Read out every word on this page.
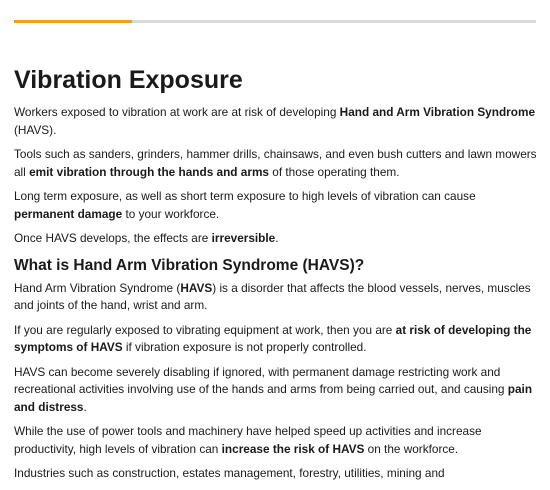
Vibration Exposure

Workers exposed to vibration at work are at risk of developing Hand and Arm Vibration Syndrome (HAVS).

Tools such as sanders, grinders, hammer drills, chainsaws, and even bush cutters and lawn mowers all emit vibration through the hands and arms of those operating them.

Long term exposure, as well as short term exposure to high levels of vibration can cause permanent damage to your workforce.

Once HAVS develops, the effects are irreversible.

What is Hand Arm Vibration Syndrome (HAVS)?

Hand Arm Vibration Syndrome (HAVS) is a disorder that affects the blood vessels, nerves, muscles and joints of the hand, wrist and arm.

If you are regularly exposed to vibrating equipment at work, then you are at risk of developing the symptoms of HAVS if vibration exposure is not properly controlled.

HAVS can become severely disabling if ignored, with permanent damage restricting work and recreational activities involving use of the hands and arms from being carried out, and causing pain and distress.

While the use of power tools and machinery have helped speed up activities and increase productivity, high levels of vibration can increase the risk of HAVS on the workforce.

Industries such as construction, estates management, forestry, utilities, mining and
